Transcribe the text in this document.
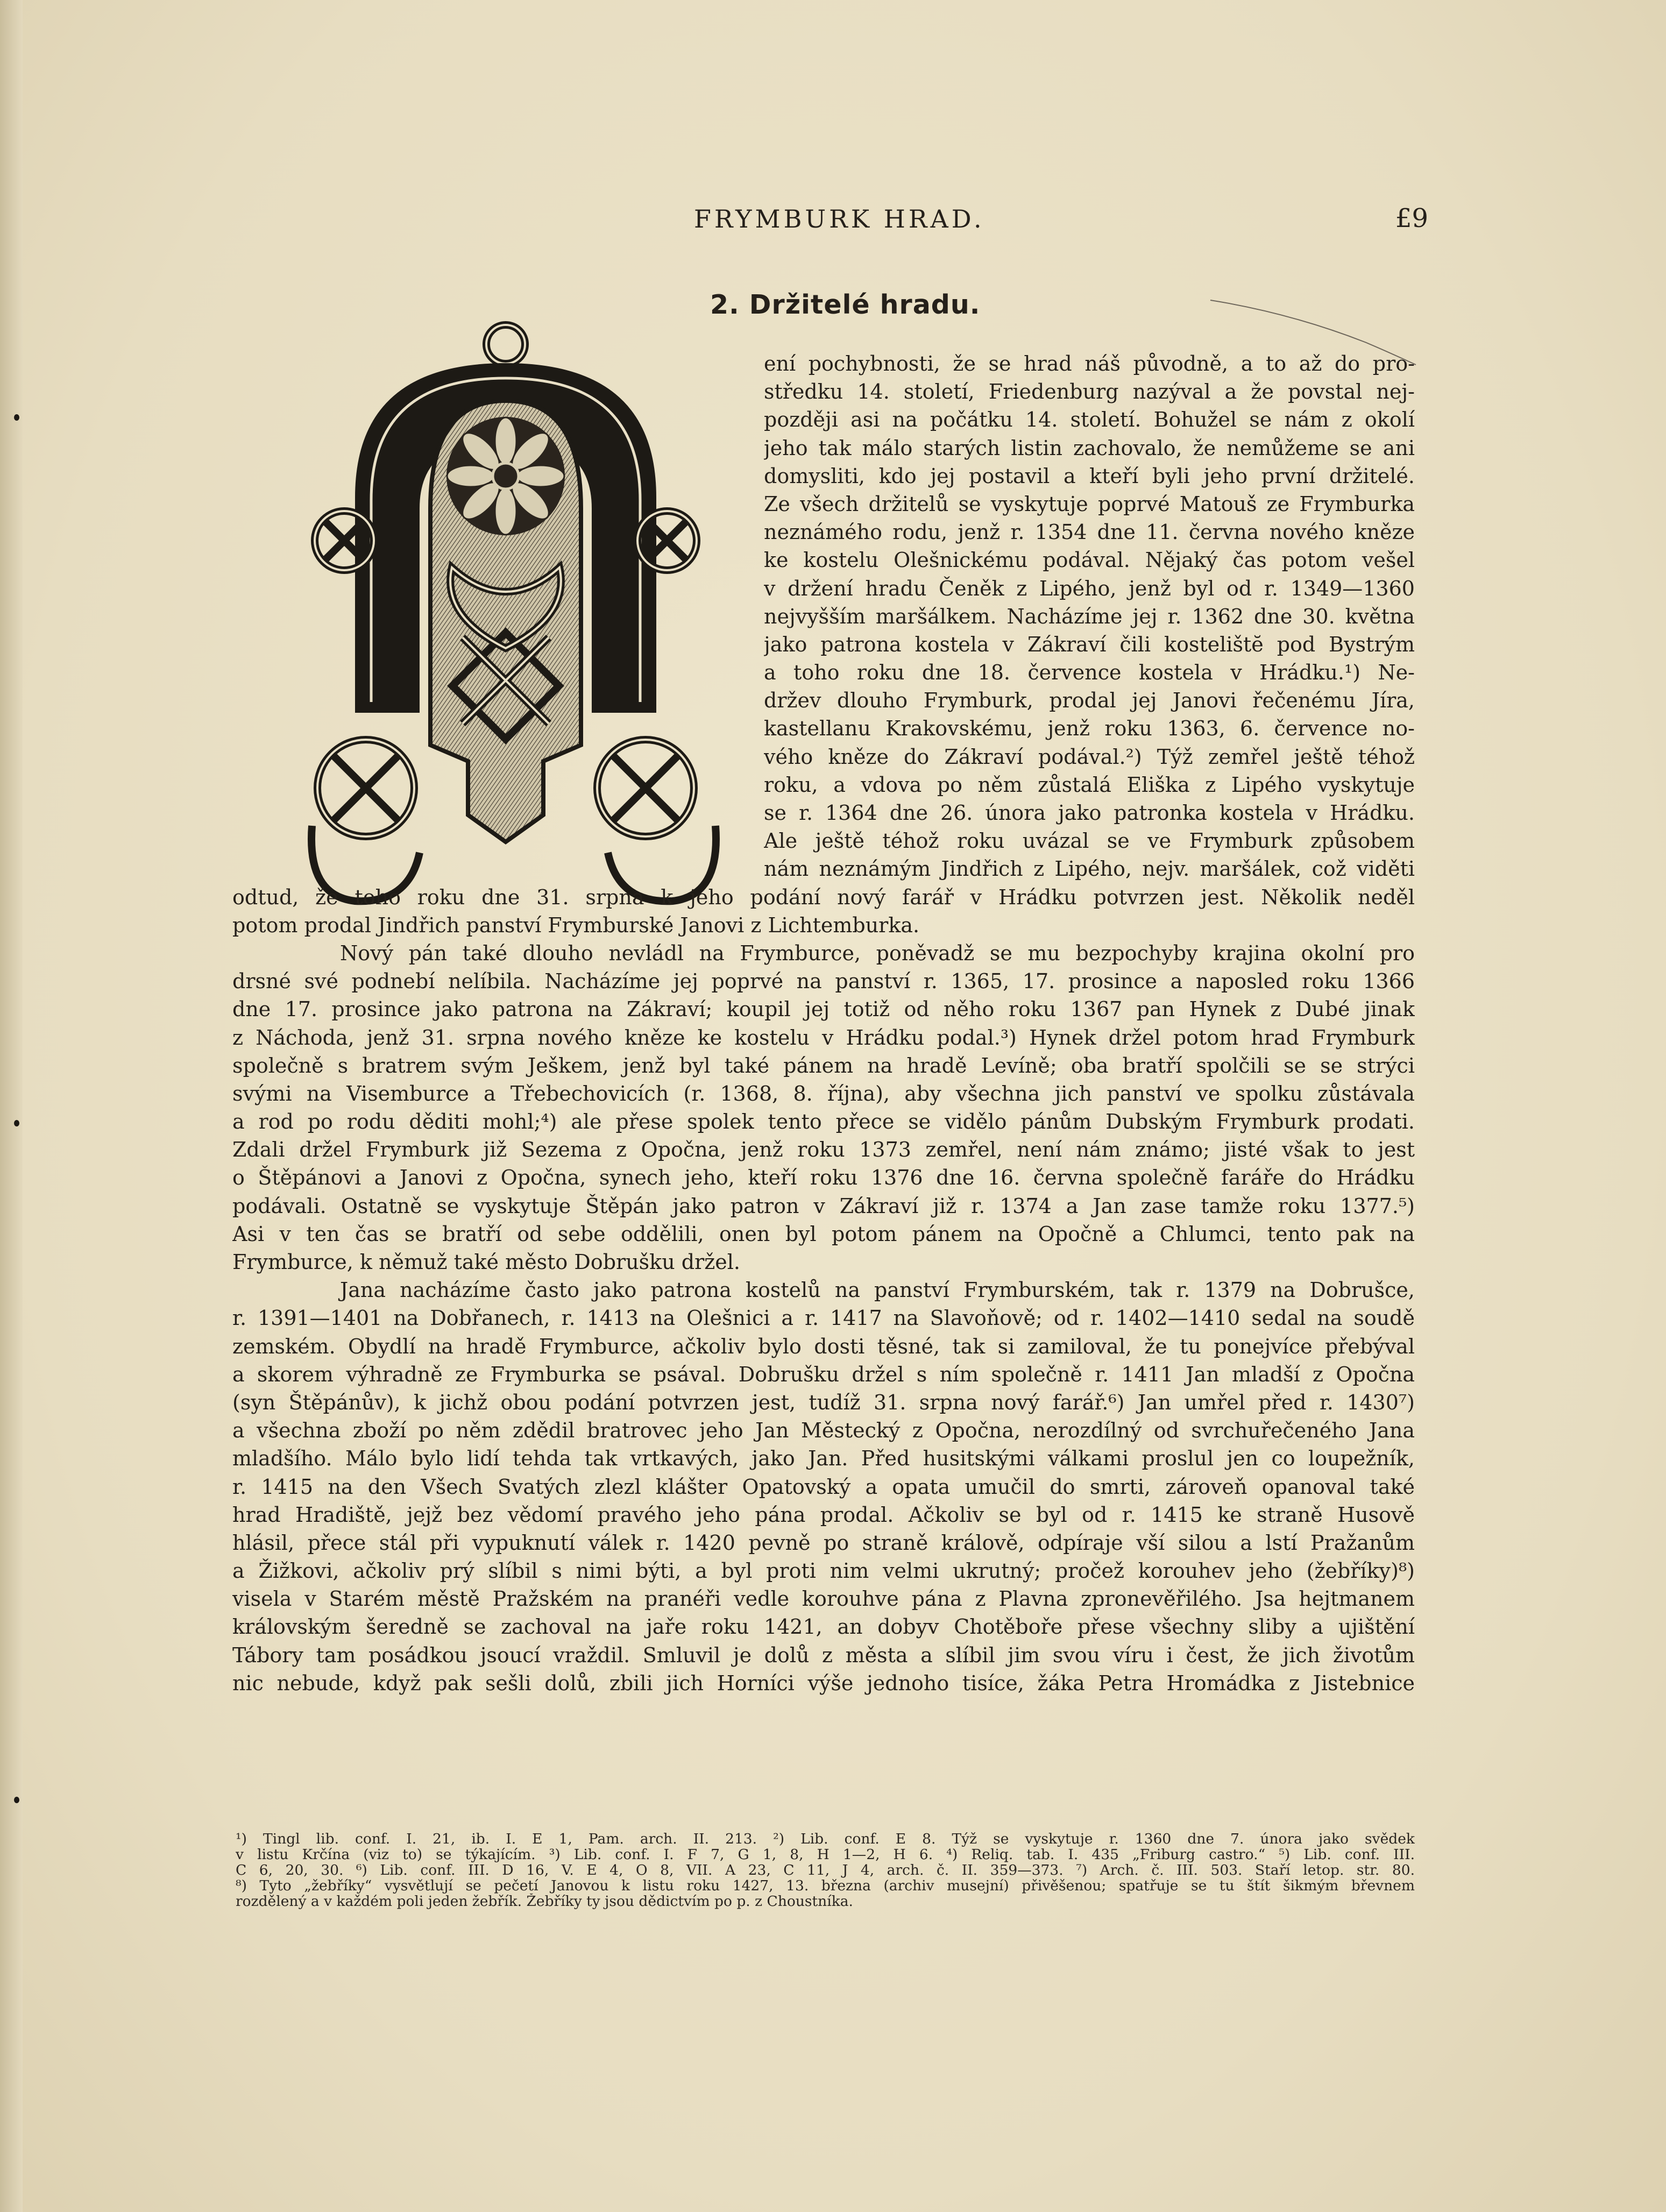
FRYMBURK HRAD.	£9
2. Držitelé hradu.
ení pochybnosti, že se hrad náš původně, a to až do pro-
středku 14. století, Friedenburg nazýval a že povstal nej-
později asi na počátku 14. století. Bohužel se nám z okolí
jeho tak málo starých listin zachovalo, že nemůžeme se ani
domysliti, kdo jej postavil a kteří byli jeho první držitelé.
Ze všech držitelů se vyskytuje poprvé Matouš ze Frymburka
neznámého rodu, jenž r. 1354 dne 11. června nového kněze
ke kostelu Olešnickému podával. Nějaký čas potom vešel
v držení hradu Čeněk z Lipého, jenž byl od r. 1349—1360
nejvyšším maršálkem. Nacházíme jej r. 1362 dne 30. května
jako patrona kostela v Zákraví čili kostelištĕ pod Bystrým
a toho roku dne 18. července kostela v Hrádku.¹) Ne-
držev dlouho Frymburk, prodal jej Janovi řečenému Jíra,
kastellanu Krakovskému, jenž roku 1363, 6. července no-
vého kněze do Zákraví podával.²) Týž zemřel ještě téhož
roku, a vdova po něm zůstalá Eliška z Lipého vyskytuje
se r. 1364 dne 26. února jako patronka kostela v Hrádku.
Ale ještě téhož roku uvázal se ve Frymburk způsobem
nám neznámým Jindřich z Lipého, nejv. maršálek, což viděti
odtud, že toho roku dne 31. srpna k jeho podání nový farář v Hrádku potvrzen jest. Několik neděl
potom prodal Jindřich panství Frymburské Janovi z Lichtemburka.
Nový pán také dlouho nevládl na Frymburce, poněvadž se mu bezpochyby krajina okolní pro
drsné své podnebí nelíbila. Nacházíme jej poprvé na panství r. 1365, 17. prosince a naposled roku 1366
dne 17. prosince jako patrona na Zákraví; koupil jej totiž od něho roku 1367 pan Hynek z Dubé jinak
z Náchoda, jenž 31. srpna nového kněze ke kostelu v Hrádku podal.³) Hynek držel potom hrad Frymburk
společně s bratrem svým Ješkem, jenž byl také pánem na hradě Levíně; oba bratří spolčili se se strýci
svými na Visemburce a Třebechovicích (r. 1368, 8. října), aby všechna jich panství ve spolku zůstávala
a rod po rodu děditi mohl;⁴) ale přese spolek tento přece se vidělo pánům Dubským Frymburk prodati.
Zdali držel Frymburk již Sezema z Opočna, jenž roku 1373 zemřel, není nám známo; jisté však to jest
o Štěpánovi a Janovi z Opočna, synech jeho, kteří roku 1376 dne 16. června společně faráře do Hrádku
podávali. Ostatně se vyskytuje Štěpán jako patron v Zákraví již r. 1374 a Jan zase tamže roku 1377.⁵)
Asi v ten čas se bratří od sebe oddělili, onen byl potom pánem na Opočně a Chlumci, tento pak na
Frymburce, k němuž také město Dobrušku držel.
Jana nacházíme často jako patrona kostelů na panství Frymburském, tak r. 1379 na Dobrušce,
r. 1391—1401 na Dobřanech, r. 1413 na Olešnici a r. 1417 na Slavoňově; od r. 1402—1410 sedal na soudě
zemském. Obydlí na hradě Frymburce, ačkoliv bylo dosti těsné, tak si zamiloval, že tu ponejvíce přebýval
a skorem výhradně ze Frymburka se psával. Dobrušku držel s ním společně r. 1411 Jan mladší z Opočna
(syn Štěpánův), k jichž obou podání potvrzen jest, tudíž 31. srpna nový farář.⁶) Jan umřel před r. 1430⁷)
a všechna zboží po něm zdědil bratrovec jeho Jan Městecký z Opočna, nerozdílný od svrchuřečeného Jana
mladšího. Málo bylo lidí tehda tak vrtkavých, jako Jan. Před husitskými válkami proslul jen co loupežník,
r. 1415 na den Všech Svatých zlezl klášter Opatovský a opata umučil do smrti, zároveň opanoval také
hrad Hradiště, jejž bez vědomí pravého jeho pána prodal. Ačkoliv se byl od r. 1415 ke straně Husově
hlásil, přece stál při vypuknutí válek r. 1420 pevně po straně králově, odpíraje vší silou a lstí Pražanům
a Žižkovi, ačkoliv prý slíbil s nimi býti, a byl proti nim velmi ukrutný; pročež korouhev jeho (žebříky)⁸)
visela v Starém městě Pražském na pranéři vedle korouhve pána z Plavna zpronevěřilého. Jsa hejtmanem
královským šeredně se zachoval na jaře roku 1421, an dobyv Chotěboře přese všechny sliby a ujištění
Tábory tam posádkou jsoucí vraždil. Smluvil je dolů z města a slíbil jim svou víru i čest, že jich životům
nic nebude, když pak sešli dolů, zbili jich Horníci výše jednoho tisíce, žáka Petra Hromádka z Jistebnice
¹) Tingl lib. conf. I. 21, ib. I. E 1, Pam. arch. II. 213. ²) Lib. conf. E 8. Týž se vyskytuje r. 1360 dne 7. února jako svědek
v listu Krčína (viz to) se týkajícím. ³) Lib. conf. I. F 7, G 1, 8, H 1—2, H 6. ⁴) Reliq. tab. I. 435 „Friburg castro.“ ⁵) Lib. conf. III.
C 6, 20, 30. ⁶) Lib. conf. III. D 16, V. E 4, O 8, VII. A 23, C 11, J 4, arch. č. II. 359—373. ⁷) Arch. č. III. 503. Staří letop. str. 80.
⁸) Tyto „žebříky“ vysvětlují se pečetí Janovou k listu roku 1427, 13. března (archiv musejní) přivěšenou; spatřuje se tu štít šikmým břevnem
rozdělený a v každém poli jeden žebřík. Žebříky ty jsou dědictvím po p. z Choustníka.
